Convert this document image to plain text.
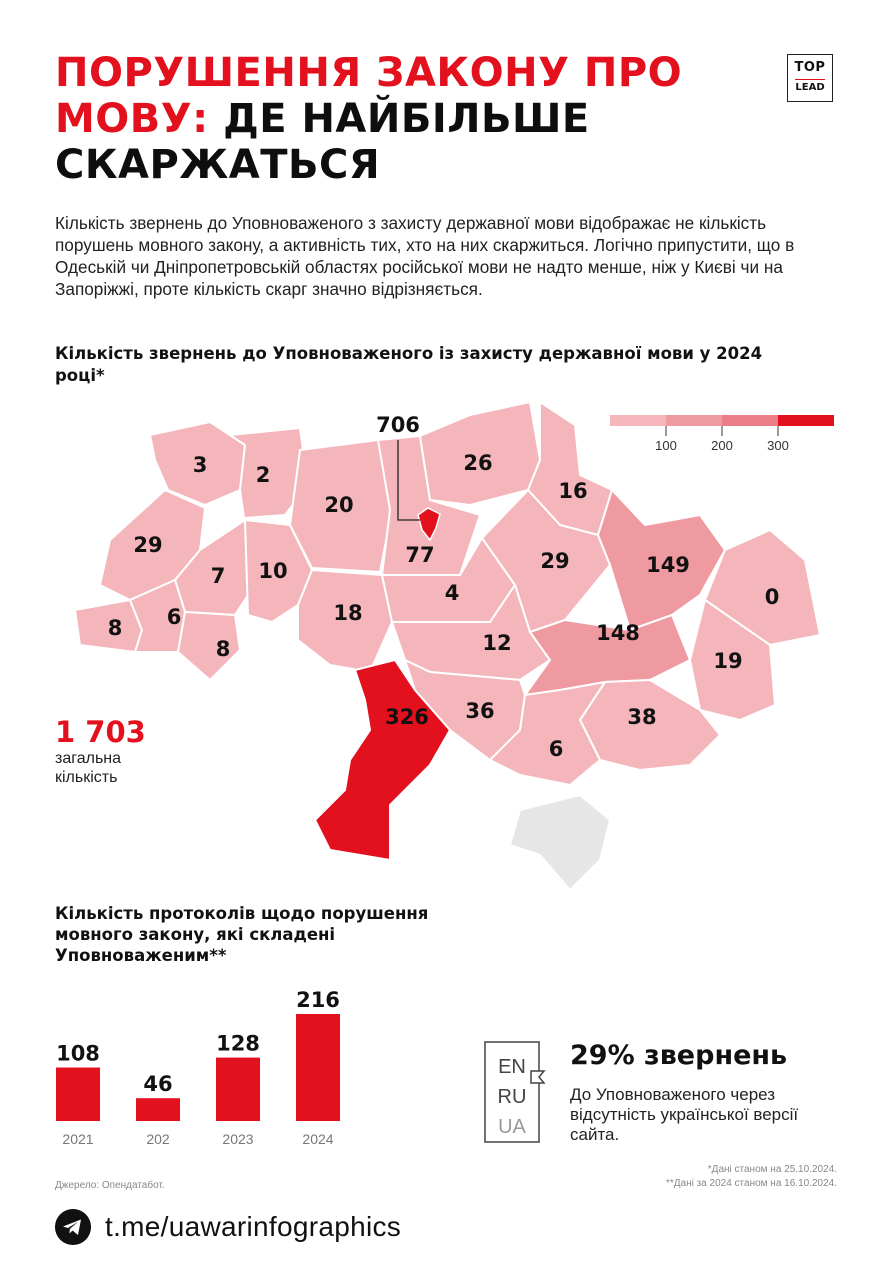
ПОРУШЕННЯ ЗАКОНУ ПРО МОВУ: ДЕ НАЙБІЛЬШЕ СКАРЖАТЬСЯ
TOP
LEAD

Кількість звернень до Уповноваженого з захисту державної мови відображає не кількість порушень мовного закону, а активність тих, хто на них скаржиться. Логічно припустити, що в Одеській чи Дніпропетровській областях російської мови не надто менше, ніж у Києві чи на Запоріжжі, проте кількість скарг значно відрізняється.

Кількість звернень до Уповноваженого із захисту державної мови у 2024 році*
100	200	300
3 2
20
706
77
26
16
29
7 10
8 6
8
18
4
29	149
0
12	148
19
326 36	38
6
1 703
загальна кількість
Кількість протоколів щодо порушення мовного закону, які складені Уповноваженим**
108
2021
46
202
128
2023
216
2024
EN
RU
UA
29% звернень
До Уповноваженого через відсутність української версії сайта.
*Дані станом на 25.10.2024.
**Дані за 2024 станом на 16.10.2024.
Джерело: Опендатабот.
t.me/uawarinfographics
